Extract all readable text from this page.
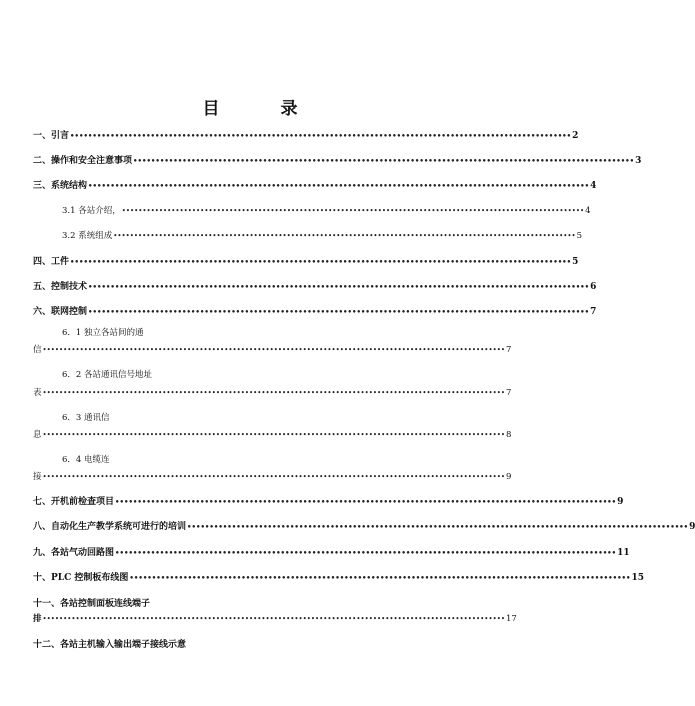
目　录
一、引言 •••••••••••••••••••••••••••••••••••••••••••••••••••••••••••••••••••••••••••••••••••••••••••••••••••••••••••••••• 2
二、操作和安全注意事项 •••••••••••••••••••••••••••••••••••••••••••••••••••••••••••••••••••••••••••••••••••••••••••••••••••••••••••••••• 3
三、系统结构 •••••••••••••••••••••••••••••••••••••••••••••••••••••••••••••••••••••••••••••••••••••••••••••••••••••••••••••••• 4
3.1 各站介绍， •••••••••••••••••••••••••••••••••••••••••••••••••••••••••••••••••••••••••••••••••••••••••••••••••••••••••••••••• 4
3.2 系统组成 •••••••••••••••••••••••••••••••••••••••••••••••••••••••••••••••••••••••••••••••••••••••••••••••••••••••••••••••• 5
四、工件 •••••••••••••••••••••••••••••••••••••••••••••••••••••••••••••••••••••••••••••••••••••••••••••••••••••••••••••••• 5
五、控制技术 •••••••••••••••••••••••••••••••••••••••••••••••••••••••••••••••••••••••••••••••••••••••••••••••••••••••••••••••• 6
六、联网控制 •••••••••••••••••••••••••••••••••••••••••••••••••••••••••••••••••••••••••••••••••••••••••••••••••••••••••••••••• 7
6．1 独立各站间的通
信 •••••••••••••••••••••••••••••••••••••••••••••••••••••••••••••••••••••••••••••••••••••••••••••••••••••••••••••••• 7
6．2 各站通讯信号地址
表 •••••••••••••••••••••••••••••••••••••••••••••••••••••••••••••••••••••••••••••••••••••••••••••••••••••••••••••••• 7
6．3 通讯信
息 •••••••••••••••••••••••••••••••••••••••••••••••••••••••••••••••••••••••••••••••••••••••••••••••••••••••••••••••• 8
6．4 电缆连
接 •••••••••••••••••••••••••••••••••••••••••••••••••••••••••••••••••••••••••••••••••••••••••••••••••••••••••••••••• 9
七、开机前检查项目 •••••••••••••••••••••••••••••••••••••••••••••••••••••••••••••••••••••••••••••••••••••••••••••••••••••••••••••••• 9
八、自动化生产教学系统可进行的培训 •••••••••••••••••••••••••••••••••••••••••••••••••••••••••••••••••••••••••••••••••••••••••••••••••••••••••••••••• 9
九、各站气动回路图 •••••••••••••••••••••••••••••••••••••••••••••••••••••••••••••••••••••••••••••••••••••••••••••••••••••••••••••••• 11
十、PLC 控制板布线图 •••••••••••••••••••••••••••••••••••••••••••••••••••••••••••••••••••••••••••••••••••••••••••••••••••••••••••••••• 15
十一、各站控制面板连线端子
排 •••••••••••••••••••••••••••••••••••••••••••••••••••••••••••••••••••••••••••••••••••••••••••••••••••••••••••••••• 17
十二、各站主机输入输出端子接线示意
